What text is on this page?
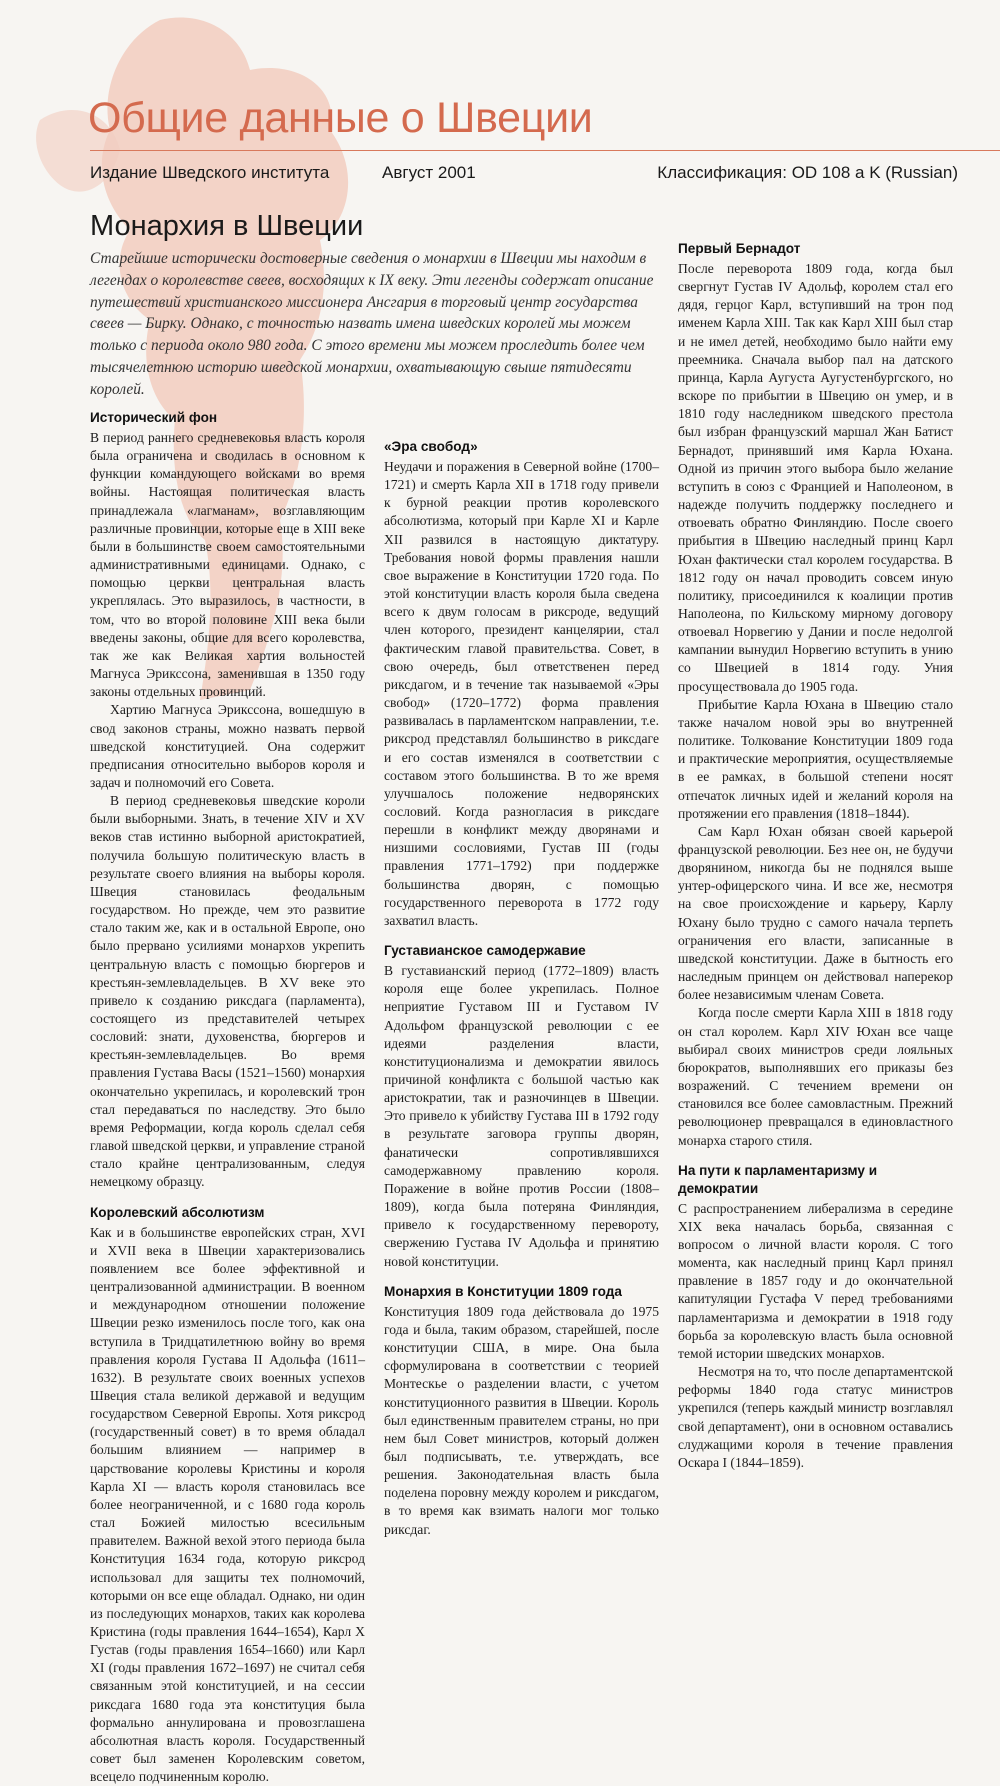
Общие данные о Швеции
Издание Шведского института	Август 2001	Классификация: OD 108 a K (Russian)
Монархия в Швеции

Старейшие исторически достоверные сведения о монархии в Швеции мы находим в легендах о королевстве свеев, восходящих к IX веку. Эти легенды содержат описание путешествий христианского миссионера Ансгария в торговый центр государства свеев — Бирку. Однако, с точностью назвать имена шведских королей мы можем только с периода около 980 года. С этого времени мы можем проследить более чем тысячелетнюю историю шведской монархии, охватывающую свыше пятидесяти королей.

Исторический фон

В период раннего средневековья власть короля была ограничена и сводилась в основном к функции командующего войсками во время войны. Настоящая политическая власть принадлежала «лагманам», возглавляющим различные провинции, которые еще в XIII веке были в большинстве своем самостоятельными административными единицами. Однако, с помощью церкви центральная власть укреплялась. Это выразилось, в частности, в том, что во второй половине XIII века были введены законы, общие для всего королевства, так же как Великая хартия вольностей Магнуса Эрикссона, заменившая в 1350 году законы отдельных провинций.

Хартию Магнуса Эрикссона, вошедшую в свод законов страны, можно назвать первой шведской конституцией. Она содержит предписания относительно выборов короля и задач и полномочий его Совета.

В период средневековья шведские короли были выборными. Знать, в течение XIV и XV веков став истинно выборной аристократией, получила большую политическую власть в результате своего влияния на выборы короля. Швеция становилась феодальным государством. Но прежде, чем это развитие стало таким же, как и в остальной Европе, оно было прервано усилиями монархов укрепить центральную власть с помощью бюргеров и крестьян-землевладельцев. В XV веке это привело к созданию риксдага (парламента), состоящего из представителей четырех сословий: знати, духовенства, бюргеров и крестьян-землевладельцев. Во время правления Густава Васы (1521–1560) монархия окончательно укрепилась, и королевский трон стал передаваться по наследству. Это было время Реформации, когда король сделал себя главой шведской церкви, и управление страной стало крайне централизованным, следуя немецкому образцу.

Королевский абсолютизм

Как и в большинстве европейских стран, XVI и XVII века в Швеции характеризовались появлением все более эффективной и централизованной администрации. В военном и международном отношении положение Швеции резко изменилось после того, как она вступила в Тридцатилетнюю войну во время правления короля Густава II Адольфа (1611–1632). В результате своих военных успехов Швеция стала великой державой и ведущим государством Северной Европы. Хотя риксрод (государственный совет) в то время обладал большим влиянием — например в царствование королевы Кристины и короля Карла XI — власть короля становилась все более неограниченной, и с 1680 года король стал Божией милостью всесильным правителем. Важной вехой этого периода была Конституция 1634 года, которую риксрод использовал для защиты тех полномочий, которыми он все еще обладал. Однако, ни один из последующих монархов, таких как королева Кристина (годы правления 1644–1654), Карл X Густав (годы правления 1654–1660) или Карл XI (годы правления 1672–1697) не считал себя связанным этой конституцией, и на сессии риксдага 1680 года эта конституция была формально аннулирована и провозглашена абсолютная власть короля. Государственный совет был заменен Королевским советом, всецело подчиненным королю.

«Эра свобод»

Неудачи и поражения в Северной войне (1700–1721) и смерть Карла XII в 1718 году привели к бурной реакции против королевского абсолютизма, который при Карле XI и Карле XII развился в настоящую диктатуру. Требования новой формы правления нашли свое выражение в Конституции 1720 года. По этой конституции власть короля была сведена всего к двум голосам в риксроде, ведущий член которого, президент канцелярии, стал фактическим главой правительства. Совет, в свою очередь, был ответственен перед риксдагом, и в течение так называемой «Эры свобод» (1720–1772) форма правления развивалась в парламентском направлении, т.е. риксрод представлял большинство в риксдаге и его состав изменялся в соответствии с составом этого большинства. В то же время улучшалось положение недворянских сословий. Когда разногласия в риксдаге перешли в конфликт между дворянами и низшими сословиями, Густав III (годы правления 1771–1792) при поддержке большинства дворян, с помощью государственного переворота в 1772 году захватил власть.

Густавианское самодержавие

В густавианский период (1772–1809) власть короля еще более укрепилась. Полное неприятие Густавом III и Густавом IV Адольфом французской революции с ее идеями разделения власти, конституционализма и демократии явилось причиной конфликта с большой частью как аристократии, так и разночинцев в Швеции. Это привело к убийству Густава III в 1792 году в результате заговора группы дворян, фанатически сопротивлявшихся самодержавному правлению короля. Поражение в войне против России (1808–1809), когда была потеряна Финляндия, привело к государственному перевороту, свержению Густава IV Адольфа и принятию новой конституции.

Монархия в Конституции 1809 года

Конституция 1809 года действовала до 1975 года и была, таким образом, старейшей, после конституции США, в мире. Она была сформулирована в соответствии с теорией Монтескье о разделении власти, с учетом конституционного развития в Швеции. Король был единственным правителем страны, но при нем был Совет министров, который должен был подписывать, т.е. утверждать, все решения. Законодательная власть была поделена поровну между королем и риксдагом, в то время как взимать налоги мог только риксдаг.

Первый Бернадот

После переворота 1809 года, когда был свергнут Густав IV Адольф, королем стал его дядя, герцог Карл, вступивший на трон под именем Карла XIII. Так как Карл XIII был стар и не имел детей, необходимо было найти ему преемника. Сначала выбор пал на датского принца, Карла Аугуста Аугустенбургского, но вскоре по прибытии в Швецию он умер, и в 1810 году наследником шведского престола был избран французский маршал Жан Батист Бернадот, принявший имя Карла Юхана. Одной из причин этого выбора было желание вступить в союз с Францией и Наполеоном, в надежде получить поддержку последнего и отвоевать обратно Финляндию. После своего прибытия в Швецию наследный принц Карл Юхан фактически стал королем государства. В 1812 году он начал проводить совсем иную политику, присоединился к коалиции против Наполеона, по Кильскому мирному договору отвоевал Норвегию у Дании и после недолгой кампании вынудил Норвегию вступить в унию со Швецией в 1814 году. Уния просуществовала до 1905 года.

Прибытие Карла Юхана в Швецию стало также началом новой эры во внутренней политике. Толкование Конституции 1809 года и практические мероприятия, осуществляемые в ее рамках, в большой степени носят отпечаток личных идей и желаний короля на протяжении его правления (1818–1844).

Сам Карл Юхан обязан своей карьерой французской революции. Без нее он, не будучи дворянином, никогда бы не поднялся выше унтер-офицерского чина. И все же, несмотря на свое происхождение и карьеру, Карлу Юхану было трудно с самого начала терпеть ограничения его власти, записанные в шведской конституции. Даже в бытность его наследным принцем он действовал наперекор более независимым членам Совета.

Когда после смерти Карла XIII в 1818 году он стал королем. Карл XIV Юхан все чаще выбирал своих министров среди лояльных бюрократов, выполнявших его приказы без возражений. С течением времени он становился все более самовластным. Прежний революционер превращался в единовластного монарха старого стиля.

На пути к парламентаризму и демократии

С распространением либерализма в середине XIX века началась борьба, связанная с вопросом о личной власти короля. С того момента, как наследный принц Карл принял правление в 1857 году и до окончательной капитуляции Густафа V перед требованиями парламентаризма и демократии в 1918 году борьба за королевскую власть была основной темой истории шведских монархов.

Несмотря на то, что после департаментской реформы 1840 года статус министров укрепился (теперь каждый министр возглавлял свой департамент), они в основном оставались слуджащими короля в течение правления Оскара I (1844–1859).
